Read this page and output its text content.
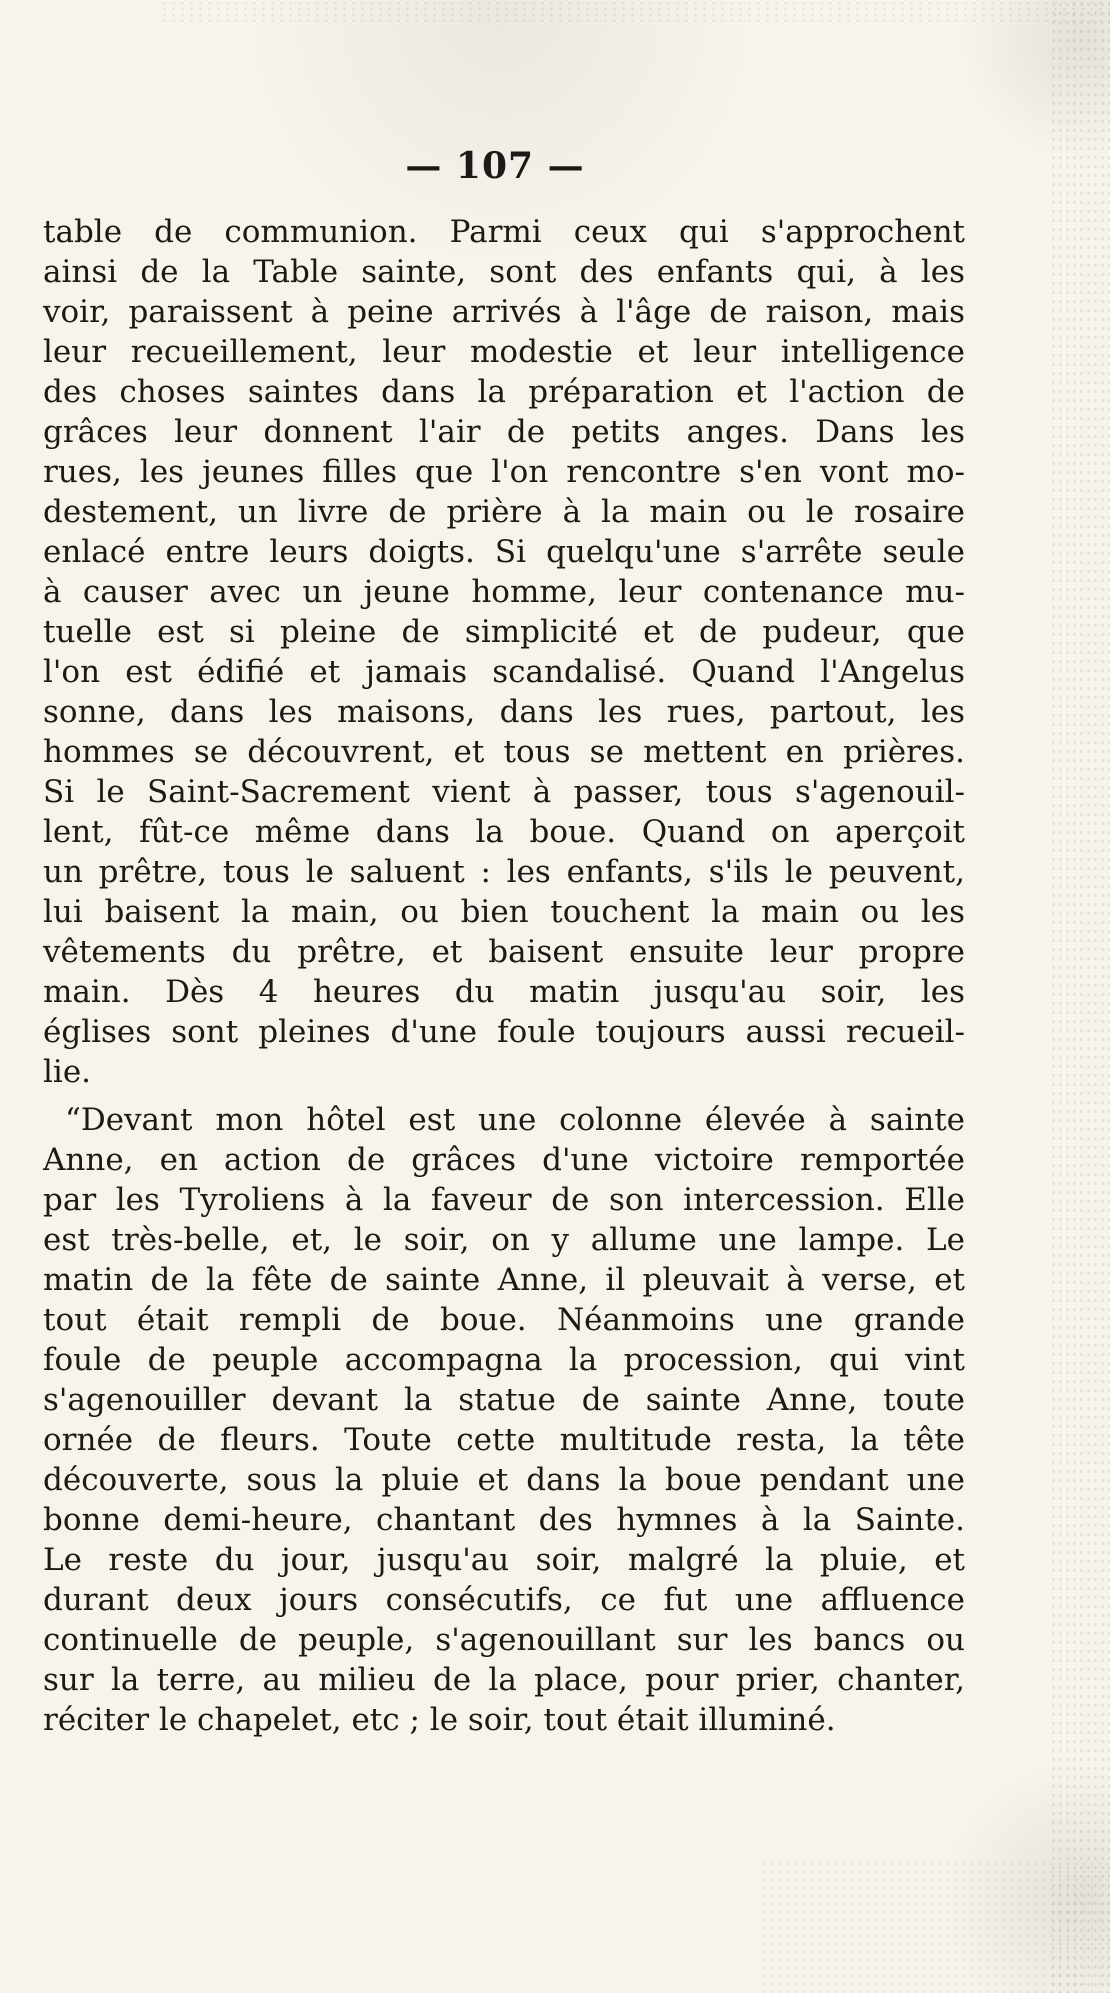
— 107 —
table de communion. Parmi ceux qui s'approchent
ainsi de la Table sainte, sont des enfants qui, à les
voir, paraissent à peine arrivés à l'âge de raison, mais
leur recueillement, leur modestie et leur intelligence
des choses saintes dans la préparation et l'action de
grâces leur donnent l'air de petits anges. Dans les
rues, les jeunes filles que l'on rencontre s'en vont mo-
destement, un livre de prière à la main ou le rosaire
enlacé entre leurs doigts. Si quelqu'une s'arrête seule
à causer avec un jeune homme, leur contenance mu-
tuelle est si pleine de simplicité et de pudeur, que
l'on est édifié et jamais scandalisé. Quand l'Angelus
sonne, dans les maisons, dans les rues, partout, les
hommes se découvrent, et tous se mettent en prières.
Si le Saint-Sacrement vient à passer, tous s'agenouil-
lent, fût-ce même dans la boue. Quand on aperçoit
un prêtre, tous le saluent : les enfants, s'ils le peuvent,
lui baisent la main, ou bien touchent la main ou les
vêtements du prêtre, et baisent ensuite leur propre
main. Dès 4 heures du matin jusqu'au soir, les
églises sont pleines d'une foule toujours aussi recueil-
lie.
“Devant mon hôtel est une colonne élevée à sainte
Anne, en action de grâces d'une victoire remportée
par les Tyroliens à la faveur de son intercession. Elle
est très-belle, et, le soir, on y allume une lampe. Le
matin de la fête de sainte Anne, il pleuvait à verse, et
tout était rempli de boue. Néanmoins une grande
foule de peuple accompagna la procession, qui vint
s'agenouiller devant la statue de sainte Anne, toute
ornée de fleurs. Toute cette multitude resta, la tête
découverte, sous la pluie et dans la boue pendant une
bonne demi-heure, chantant des hymnes à la Sainte.
Le reste du jour, jusqu'au soir, malgré la pluie, et
durant deux jours consécutifs, ce fut une affluence
continuelle de peuple, s'agenouillant sur les bancs ou
sur la terre, au milieu de la place, pour prier, chanter,
réciter le chapelet, etc ; le soir, tout était illuminé.
